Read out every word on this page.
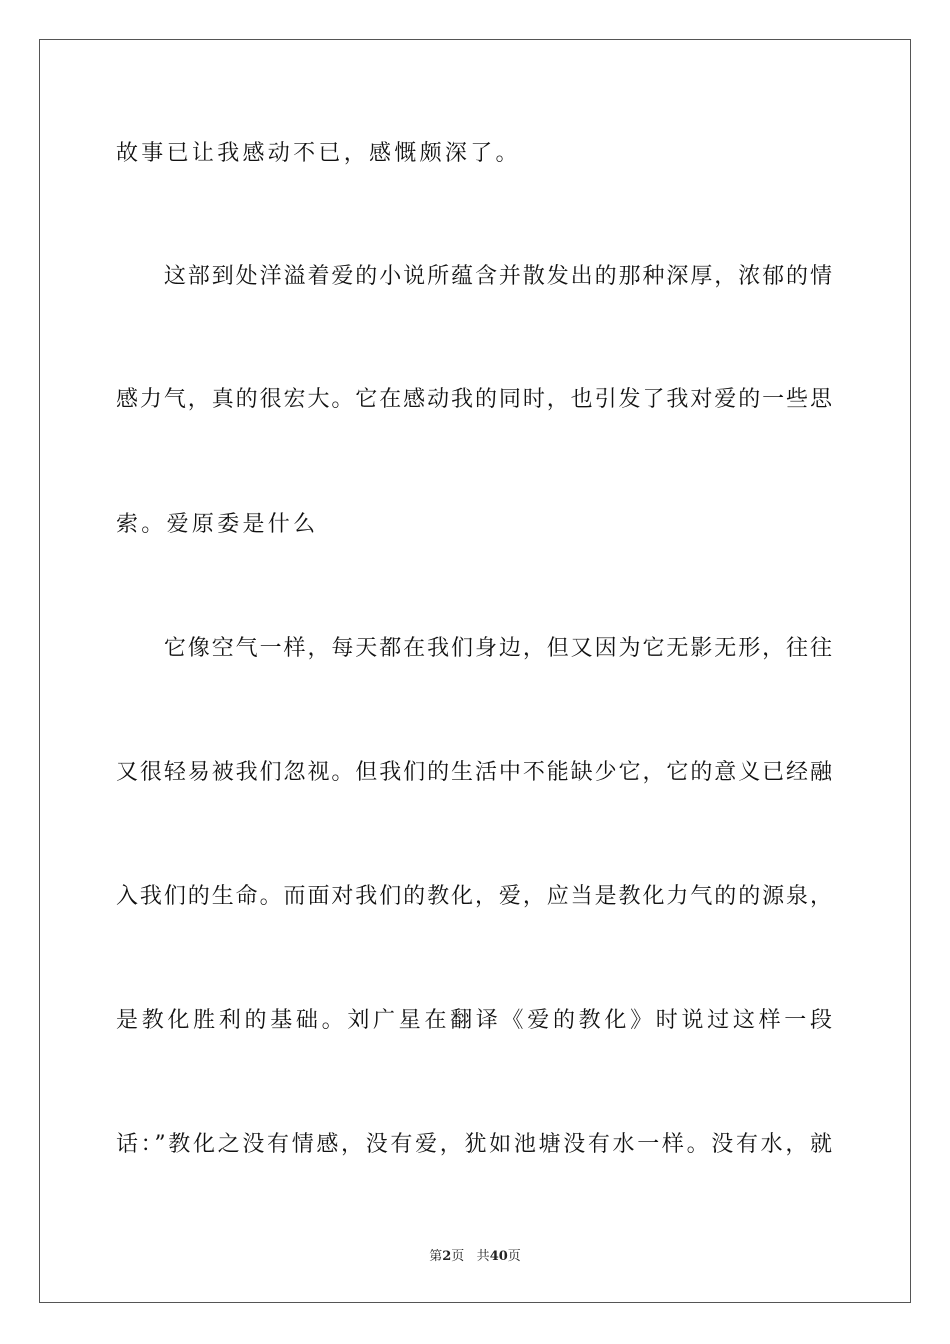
故事已让我感动不已，感慨颇深了。
　　这部到处洋溢着爱的小说所蕴含并散发出的那种深厚，浓郁的情
感力气，真的很宏大。它在感动我的同时，也引发了我对爱的一些思
索。爱原委是什么
　　它像空气一样，每天都在我们身边，但又因为它无影无形，往往
又很轻易被我们忽视。但我们的生活中不能缺少它，它的意义已经融
入我们的生命。而面对我们的教化，爱，应当是教化力气的的源泉，
是教化胜利的基础。刘广星在翻译《爱的教化》时说过这样一段
话：”教化之没有情感，没有爱，犹如池塘没有水一样。没有水，就
第2页 共40页
